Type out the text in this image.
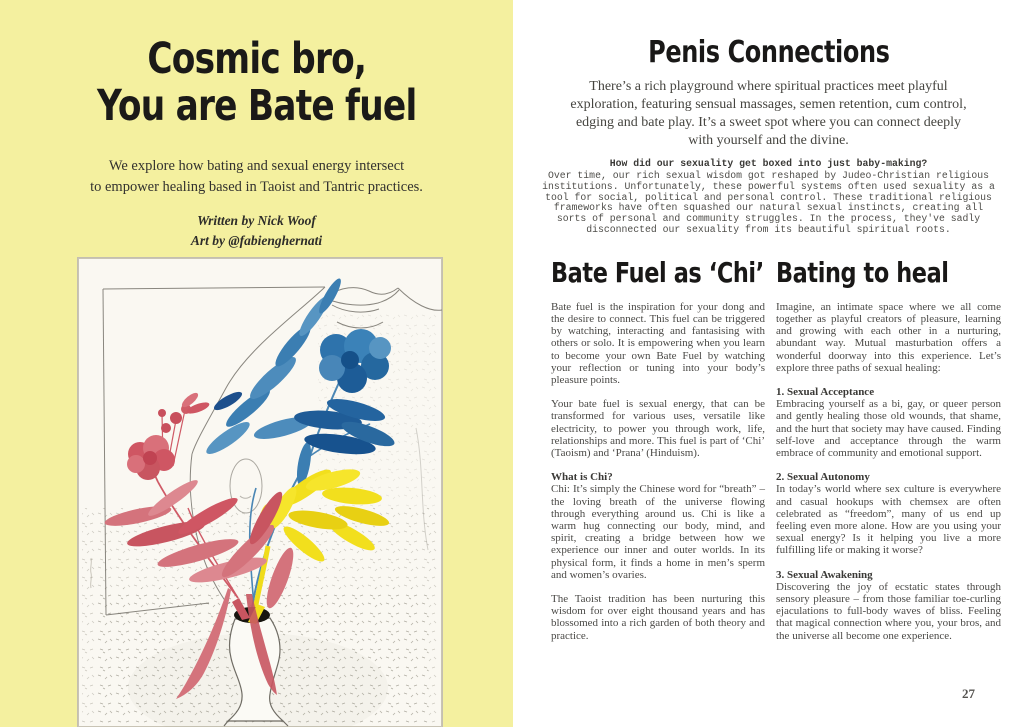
Cosmic bro,
You are Bate fuel

We explore how bating and sexual energy intersect
to empower healing based in Taoist and Tantric practices.

Written by Nick Woof
Art by @fabienghernati

Penis Connections

There’s a rich playground where spiritual practices meet playful exploration, featuring sensual massages, semen retention, cum control, edging and bate play. It’s a sweet spot where you can connect deeply with yourself and the divine.

How did our sexuality get boxed into just baby-making?

Over time, our rich sexual wisdom got reshaped by Judeo-Christian religious institutions. Unfortunately, these powerful systems often used sexuality as a tool for social, political and personal control. These traditional religious frameworks have often squashed our natural sexual instincts, creating all sorts of personal and community struggles. In the process, they've sadly disconnected our sexuality from its beautiful spiritual roots.

Bate Fuel as ‘Chi’

Bate fuel is the inspiration for your dong and the desire to connect. This fuel can be triggered by watching, interacting and fantasising with others or solo. It is empowering when you learn to become your own Bate Fuel by watching your reflection or tuning into your body’s pleasure points.

Your bate fuel is sexual energy, that can be transformed for various uses, versatile like electricity, to power you through work, life, relationships and more. This fuel is part of ‘Chi’ (Taoism) and ‘Prana’ (Hinduism).

What is Chi?

Chi: It’s simply the Chinese word for “breath” – the loving breath of the universe flowing through everything around us. Chi is like a warm hug connecting our body, mind, and spirit, creating a bridge between how we experience our inner and outer worlds. In its physical form, it finds a home in men’s sperm and women’s ovaries.

The Taoist tradition has been nurturing this wisdom for over eight thousand years and has blossomed into a rich garden of both theory and practice.

Bating to heal

Imagine, an intimate space where we all come together as playful creators of pleasure, learning and growing with each other in a nurturing, abundant way. Mutual masturbation offers a wonderful doorway into this experience. Let’s explore three paths of sexual healing:

1. Sexual Acceptance

Embracing yourself as a bi, gay, or queer person and gently healing those old wounds, that shame, and the hurt that society may have caused. Finding self-love and acceptance through the warm embrace of community and emotional support.

2. Sexual Autonomy

In today’s world where sex culture is everywhere and casual hookups with chemsex are often celebrated as “freedom”, many of us end up feeling even more alone. How are you using your sexual energy? Is it helping you live a more fulfilling life or making it worse?

3. Sexual Awakening

Discovering the joy of ecstatic states through sensory pleasure – from those familiar toe-curling ejaculations to full-body waves of bliss. Feeling that magical connection where you, your bros, and the universe all become one experience.

27
